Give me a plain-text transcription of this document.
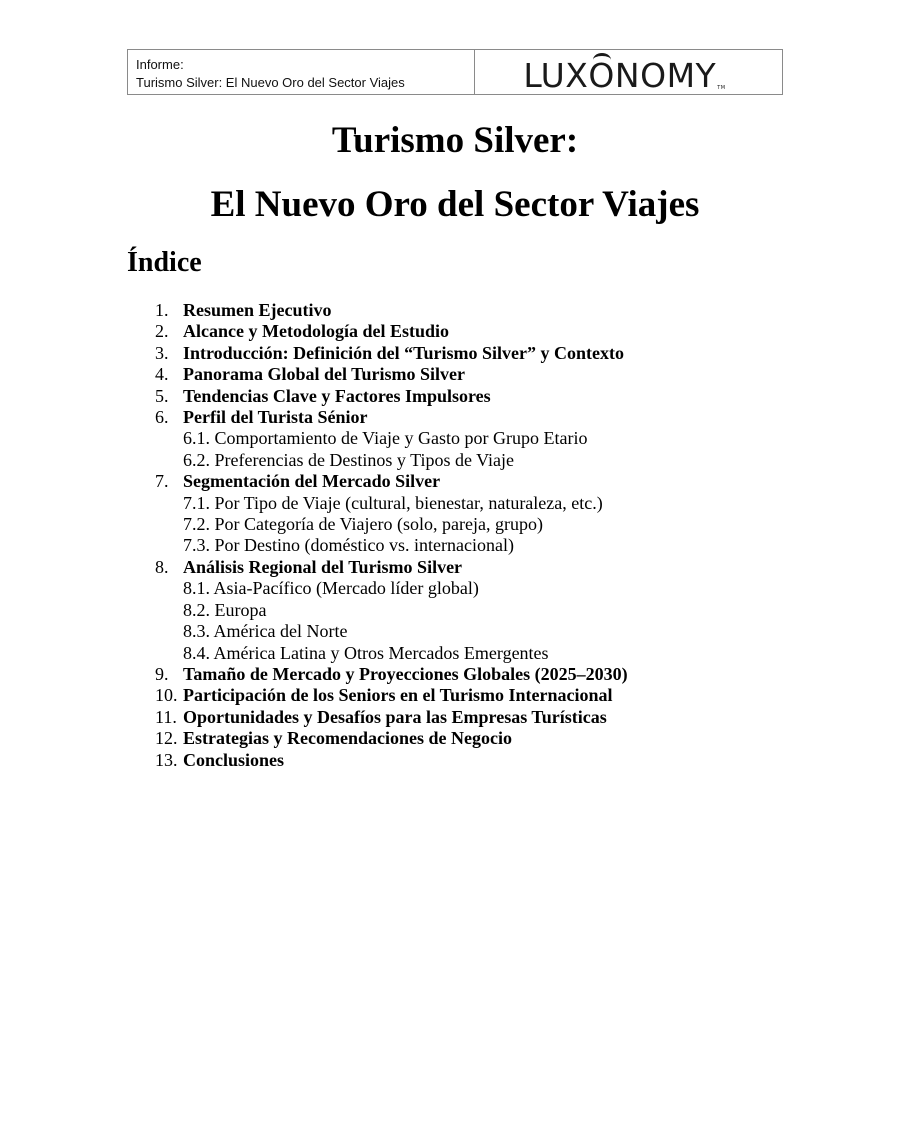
Informe:
Turismo Silver: El Nuevo Oro del Sector Viajes	LUX O NOMY TM
Turismo Silver:
El Nuevo Oro del Sector Viajes
Índice
1. Resumen Ejecutivo
2. Alcance y Metodología del Estudio
3. Introducción: Definición del “Turismo Silver” y Contexto
4. Panorama Global del Turismo Silver
5. Tendencias Clave y Factores Impulsores
6. Perfil del Turista Sénior
6.1. Comportamiento de Viaje y Gasto por Grupo Etario
6.2. Preferencias de Destinos y Tipos de Viaje
7. Segmentación del Mercado Silver
7.1. Por Tipo de Viaje (cultural, bienestar, naturaleza, etc.)
7.2. Por Categoría de Viajero (solo, pareja, grupo)
7.3. Por Destino (doméstico vs. internacional)
8. Análisis Regional del Turismo Silver
8.1. Asia-Pacífico (Mercado líder global)
8.2. Europa
8.3. América del Norte
8.4. América Latina y Otros Mercados Emergentes
9. Tamaño de Mercado y Proyecciones Globales (2025–2030)
10. Participación de los Seniors en el Turismo Internacional
11. Oportunidades y Desafíos para las Empresas Turísticas
12. Estrategias y Recomendaciones de Negocio
13. Conclusiones
